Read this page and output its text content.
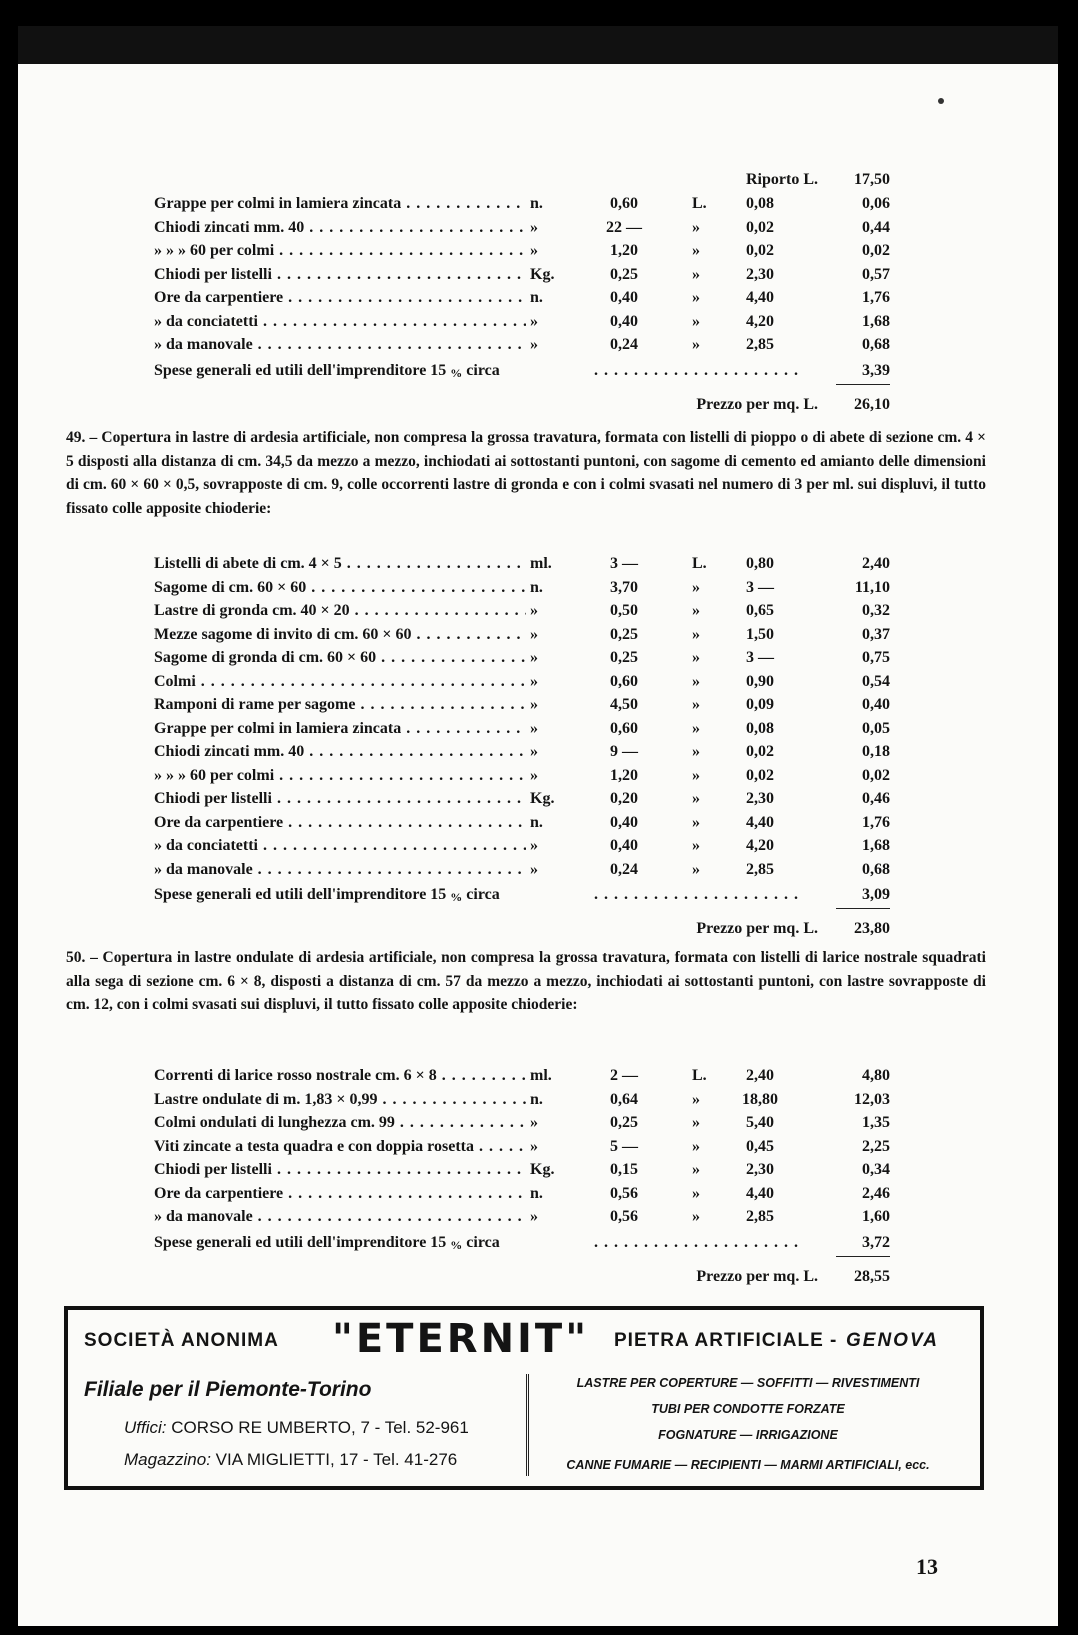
Riporto L.	17,50
Grappe per colmi in lamiera zincata . . .	n.	0,60	L.	0,08	0,06
Chiodi zincati mm. 40 . . .	»	22 —	»	0,02	0,44
» » » 60 per colmi . . .	»	1,20	»	0,02	0,02
Chiodi per listelli . . .	Kg.	0,25	»	2,30	0,57
Ore da carpentiere . . .	n.	0,40	»	4,40	1,76
» da conciatetti . . .	»	0,40	»	4,20	1,68
» da manovale . . .	»	0,24	»	2,85	0,68
. . .
Spese generali ed utili dell'imprenditore 15 % circa	3,39
Prezzo per mq. L.	26,10
49. – Copertura in lastre di ardesia artificiale, non compresa la grossa travatura, formata con listelli di pioppo o di abete di sezione cm. 4 × 5 disposti alla distanza di cm. 34,5 da mezzo a mezzo, inchiodati ai sottostanti puntoni, con sagome di cemento ed amianto delle dimensioni di cm. 60 × 60 × 0,5, sovrapposte di cm. 9, colle occorrenti lastre di gronda e con i colmi svasati nel numero di 3 per ml. sui displuvi, il tutto fissato colle apposite chioderie:
Listelli di abete di cm. 4 × 5 . . .	ml.	3 —	L.	0,80	2,40
Sagome di cm. 60 × 60 . . .	n.	3,70	»	3 —	11,10
Lastre di gronda cm. 40 × 20 . . .	»	0,50	»	0,65	0,32
Mezze sagome di invito di cm. 60 × 60 . . .	»	0,25	»	1,50	0,37
Sagome di gronda di cm. 60 × 60 . . .	»	0,25	»	3 —	0,75
Colmi . . .	»	0,60	»	0,90	0,54
Ramponi di rame per sagome . . .	»	4,50	»	0,09	0,40
Grappe per colmi in lamiera zincata . . .	»	0,60	»	0,08	0,05
Chiodi zincati mm. 40 . . .	»	9 —	»	0,02	0,18
» » » 60 per colmi . . .	»	1,20	»	0,02	0,02
Chiodi per listelli . . .	Kg.	0,20	»	2,30	0,46
Ore da carpentiere . . .	n.	0,40	»	4,40	1,76
» da conciatetti . . .	»	0,40	»	4,20	1,68
» da manovale . . .	»	0,24	»	2,85	0,68
. . .
Spese generali ed utili dell'imprenditore 15 % circa	3,09
Prezzo per mq. L.	23,80
50. – Copertura in lastre ondulate di ardesia artificiale, non compresa la grossa travatura, formata con listelli di larice nostrale squadrati alla sega di sezione cm. 6 × 8, disposti a distanza di cm. 57 da mezzo a mezzo, inchiodati ai sottostanti puntoni, con lastre sovrapposte di cm. 12, con i colmi svasati sui displuvi, il tutto fissato colle apposite chioderie:
Correnti di larice rosso nostrale cm. 6 × 8 . . .	ml.	2 —	L.	2,40	4,80
Lastre ondulate di m. 1,83 × 0,99 . . .	n.	0,64	»	18,80	12,03
Colmi ondulati di lunghezza cm. 99 . . .	»	0,25	»	5,40	1,35
Viti zincate a testa quadra e con doppia rosetta . . .	»	5 —	»	0,45	2,25
Chiodi per listelli . . .	Kg.	0,15	»	2,30	0,34
Ore da carpentiere . . .	n.	0,56	»	4,40	2,46
» da manovale . . .	»	0,56	»	2,85	1,60
. . .
Spese generali ed utili dell'imprenditore 15 % circa	3,72
Prezzo per mq. L.	28,55
SOCIETÀ ANONIMA "ETERNIT" PIETRA ARTIFICIALE - GENOVA
Filiale per il Piemonte-Torino
Uffici: CORSO RE UMBERTO, 7 - Tel. 52-961
Magazzino: VIA MIGLIETTI, 17 - Tel. 41-276
LASTRE PER COPERTURE — SOFFITTI — RIVESTIMENTI
TUBI PER CONDOTTE FORZATE
FOGNATURE — IRRIGAZIONE
CANNE FUMARIE — RECIPIENTI — MARMI ARTIFICIALI, ecc.
13
